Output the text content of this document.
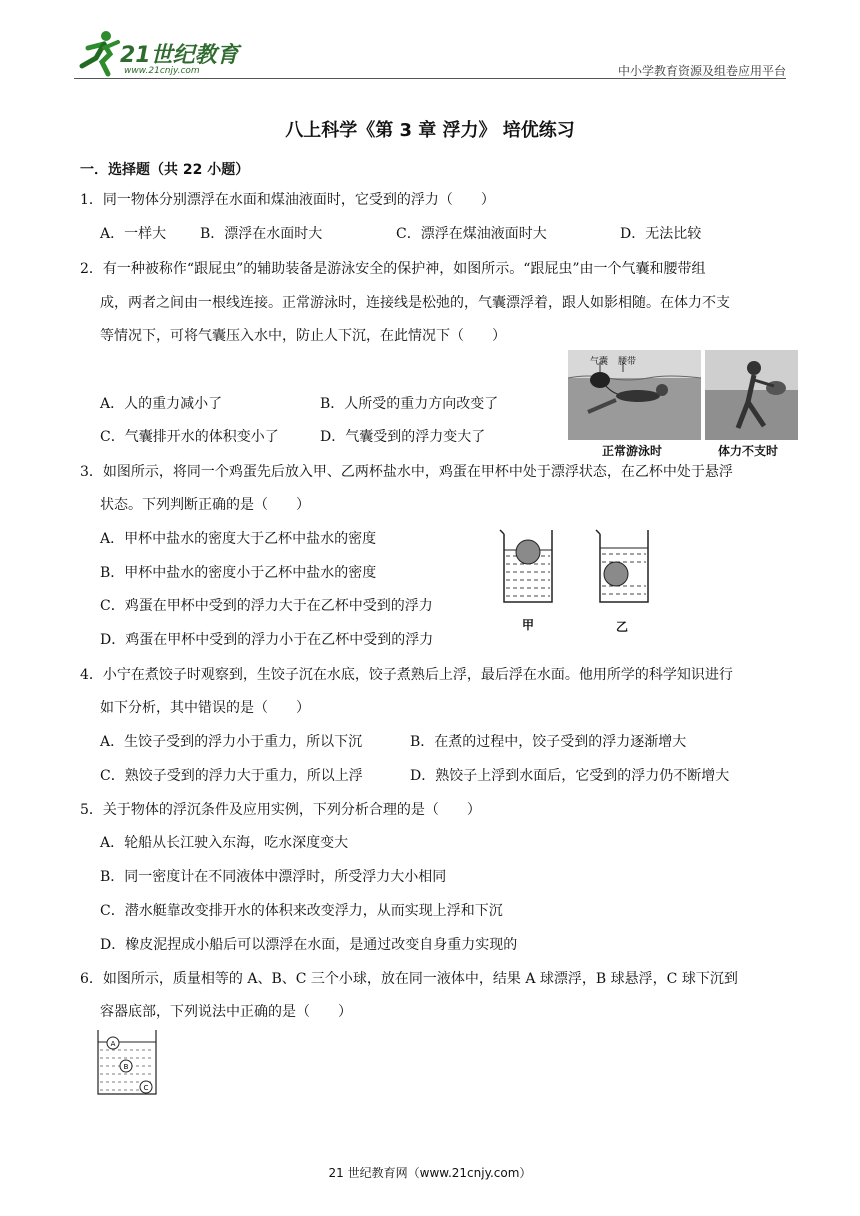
21世纪教育
www.21cnjy.com	中小学教育资源及组卷应用平台
八上科学《第 3 章 浮力》 培优练习
一．选择题（共 22 小题）
1．同一物体分别漂浮在水面和煤油液面时，它受到的浮力（　　）
A．一样大 B．漂浮在水面时大	C．漂浮在煤油液面时大	D．无法比较
2．有一种被称作“跟屁虫”的辅助装备是游泳安全的保护神，如图所示。“跟屁虫”由一个气囊和腰带组
成，两者之间由一根线连接。正常游泳时，连接线是松弛的，气囊漂浮着，跟人如影相随。在体力不支
等情况下，可将气囊压入水中，防止人下沉，在此情况下（　　）
A．人的重力减小了	B．人所受的重力方向改变了
C．气囊排开水的体积变小了	D．气囊受到的浮力变大了
气囊 腰带
正常游泳时	体力不支时
3．如图所示，将同一个鸡蛋先后放入甲、乙两杯盐水中，鸡蛋在甲杯中处于漂浮状态，在乙杯中处于悬浮
状态。下列判断正确的是（　　）
A．甲杯中盐水的密度大于乙杯中盐水的密度
B．甲杯中盐水的密度小于乙杯中盐水的密度
C．鸡蛋在甲杯中受到的浮力大于在乙杯中受到的浮力
D．鸡蛋在甲杯中受到的浮力小于在乙杯中受到的浮力
甲	乙
4．小宁在煮饺子时观察到，生饺子沉在水底，饺子煮熟后上浮，最后浮在水面。他用所学的科学知识进行
如下分析，其中错误的是（　　）
A．生饺子受到的浮力小于重力，所以下沉	B．在煮的过程中，饺子受到的浮力逐渐增大
C．熟饺子受到的浮力大于重力，所以上浮	D．熟饺子上浮到水面后，它受到的浮力仍不断增大
5．关于物体的浮沉条件及应用实例，下列分析合理的是（　　）
A．轮船从长江驶入东海，吃水深度变大
B．同一密度计在不同液体中漂浮时，所受浮力大小相同
C．潜水艇靠改变排开水的体积来改变浮力，从而实现上浮和下沉
D．橡皮泥捏成小船后可以漂浮在水面，是通过改变自身重力实现的
6．如图所示，质量相等的 A、B、C 三个小球，放在同一液体中，结果 A 球漂浮，B 球悬浮，C 球下沉到
容器底部，下列说法中正确的是（　　）
A
B
C
21 世纪教育网（www.21cnjy.com）
